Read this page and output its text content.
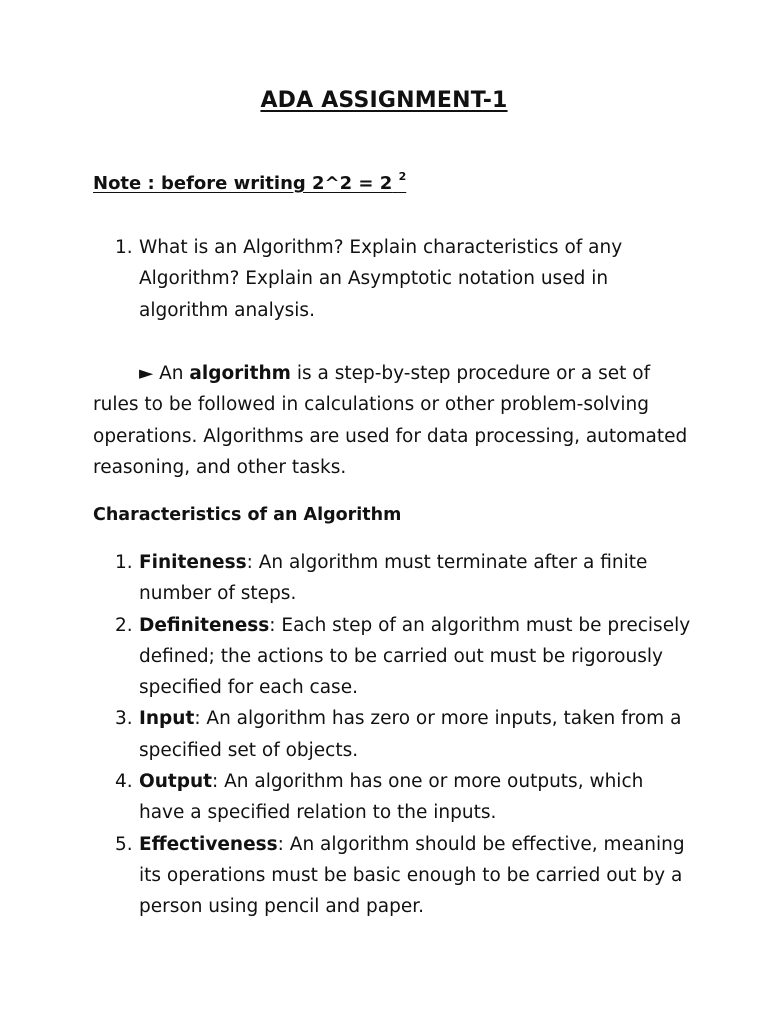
ADA ASSIGNMENT-1
Note : before writing 2^2 = 2 $^2$
1. What is an Algorithm? Explain characteristics of any Algorithm? Explain an Asymptotic notation used in algorithm analysis.
► An algorithm is a step-by-step procedure or a set of rules to be followed in calculations or other problem-solving operations. Algorithms are used for data processing, automated reasoning, and other tasks.
Characteristics of an Algorithm
1. Finiteness: An algorithm must terminate after a finite number of steps.
2. Definiteness: Each step of an algorithm must be precisely defined; the actions to be carried out must be rigorously specified for each case.
3. Input: An algorithm has zero or more inputs, taken from a specified set of objects.
4. Output: An algorithm has one or more outputs, which have a specified relation to the inputs.
5. Effectiveness: An algorithm should be effective, meaning its operations must be basic enough to be carried out by a person using pencil and paper.
